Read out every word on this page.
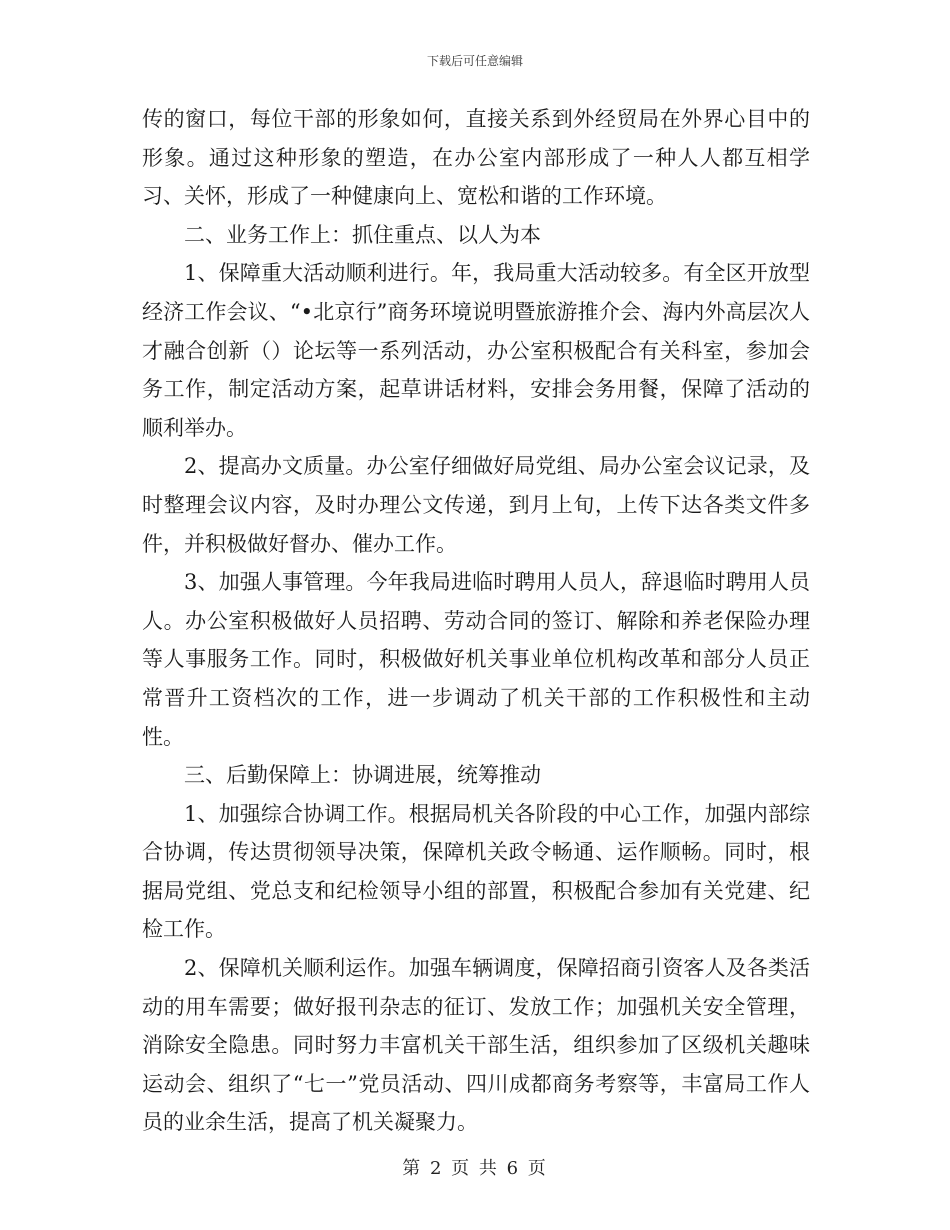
下载后可任意编辑

传的窗口，每位干部的形象如何，直接关系到外经贸局在外界心目中的形象。通过这种形象的塑造，在办公室内部形成了一种人人都互相学习、关怀，形成了一种健康向上、宽松和谐的工作环境。

二、业务工作上：抓住重点、以人为本

1、保障重大活动顺利进行。年，我局重大活动较多。有全区开放型经济工作会议、“•北京行”商务环境说明暨旅游推介会、海内外高层次人才融合创新（）论坛等一系列活动，办公室积极配合有关科室，参加会务工作，制定活动方案，起草讲话材料，安排会务用餐，保障了活动的顺利举办。

2、提高办文质量。办公室仔细做好局党组、局办公室会议记录，及时整理会议内容，及时办理公文传递，到月上旬，上传下达各类文件多件，并积极做好督办、催办工作。

3、加强人事管理。今年我局进临时聘用人员人，辞退临时聘用人员人。办公室积极做好人员招聘、劳动合同的签订、解除和养老保险办理等人事服务工作。同时，积极做好机关事业单位机构改革和部分人员正常晋升工资档次的工作，进一步调动了机关干部的工作积极性和主动性。

三、后勤保障上：协调进展，统筹推动

1、加强综合协调工作。根据局机关各阶段的中心工作，加强内部综合协调，传达贯彻领导决策，保障机关政令畅通、运作顺畅。同时，根据局党组、党总支和纪检领导小组的部置，积极配合参加有关党建、纪检工作。

2、保障机关顺利运作。加强车辆调度，保障招商引资客人及各类活动的用车需要；做好报刊杂志的征订、发放工作；加强机关安全管理，消除安全隐患。同时努力丰富机关干部生活，组织参加了区级机关趣味运动会、组织了“七一”党员活动、四川成都商务考察等，丰富局工作人员的业余生活，提高了机关凝聚力。

第 2 页 共 6 页
